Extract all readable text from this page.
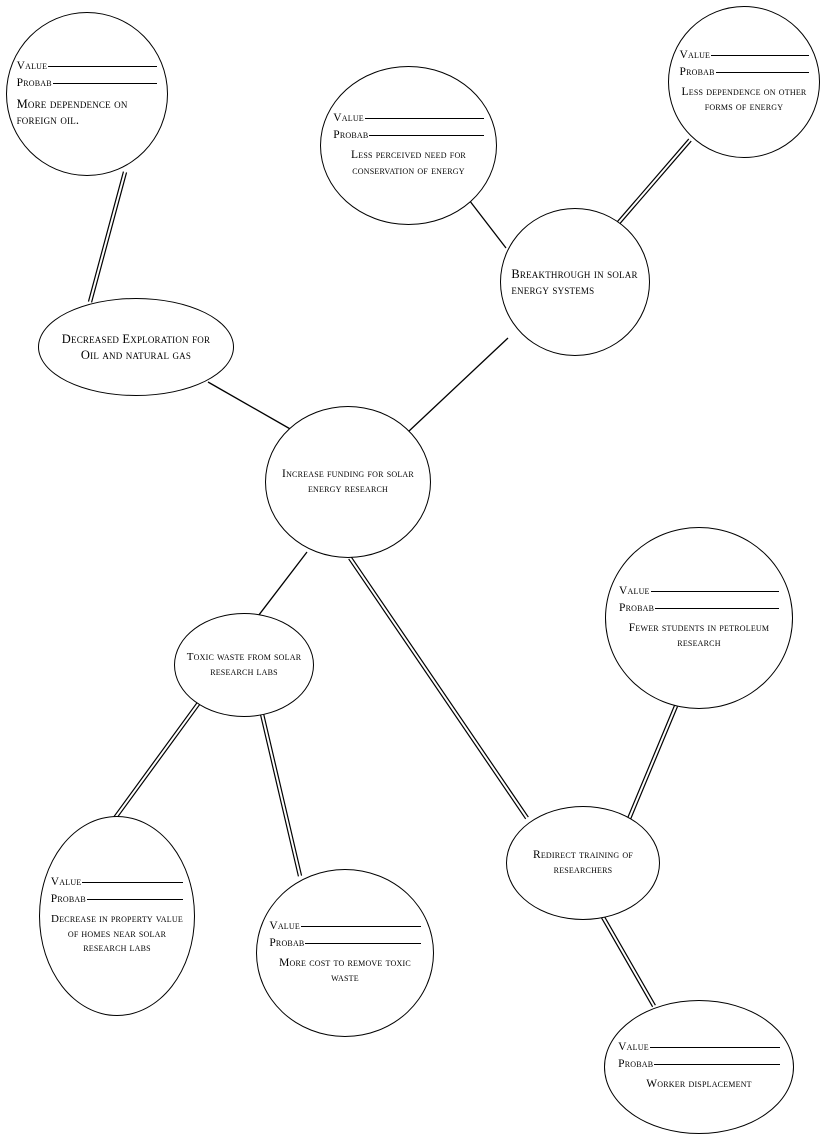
Value
Probab
More dependence on foreign oil.	Value
Probab
Less perceived need for conservation of energy
Value
Probab
Less dependence on other forms of energy
Breakthrough in solar energy systems
Decreased Exploration for Oil and natural gas
Increase funding for solar energy research
Value
Probab
Fewer students in petroleum research
Toxic waste from solar research labs
Redirect training of researchers
Value
Probab
Decrease in property value of homes near solar research labs
Value
Probab
More cost to remove toxic waste
Value
Probab
Worker displacement
